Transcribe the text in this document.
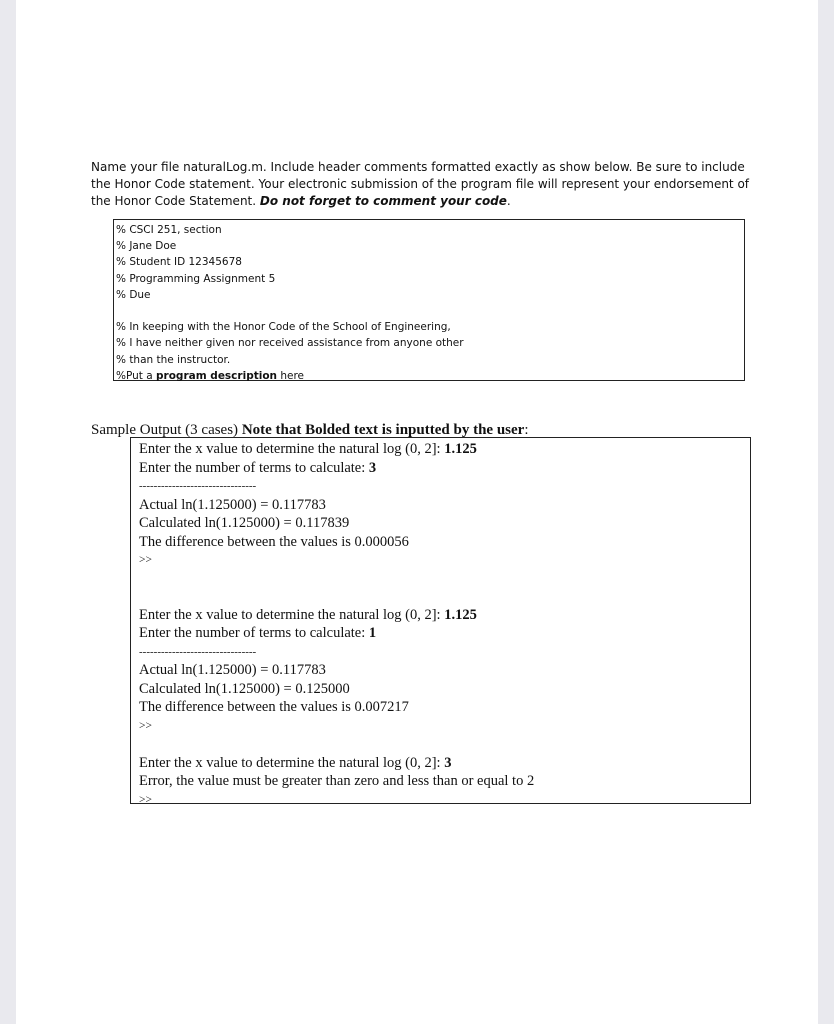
Name your file naturalLog.m. Include header comments formatted exactly as show below. Be sure to include the Honor Code statement. Your electronic submission of the program file will represent your endorsement of the Honor Code Statement. Do not forget to comment your code.
% CSCI 251, section
% Jane Doe
% Student ID 12345678
% Programming Assignment 5
% Due
% In keeping with the Honor Code of the School of Engineering,
% I have neither given nor received assistance from anyone other
% than the instructor.
%Put a program description here
Sample Output (3 cases) Note that Bolded text is inputted by the user:
Enter the x value to determine the natural log (0, 2]: 1.125
Enter the number of terms to calculate: 3
--------------------------------
Actual ln(1.125000) = 0.117783
Calculated ln(1.125000) = 0.117839
The difference between the values is 0.000056
>>
Enter the x value to determine the natural log (0, 2]: 1.125
Enter the number of terms to calculate: 1
--------------------------------
Actual ln(1.125000) = 0.117783
Calculated ln(1.125000) = 0.125000
The difference between the values is 0.007217
>>
Enter the x value to determine the natural log (0, 2]: 3
Error, the value must be greater than zero and less than or equal to 2
>>
